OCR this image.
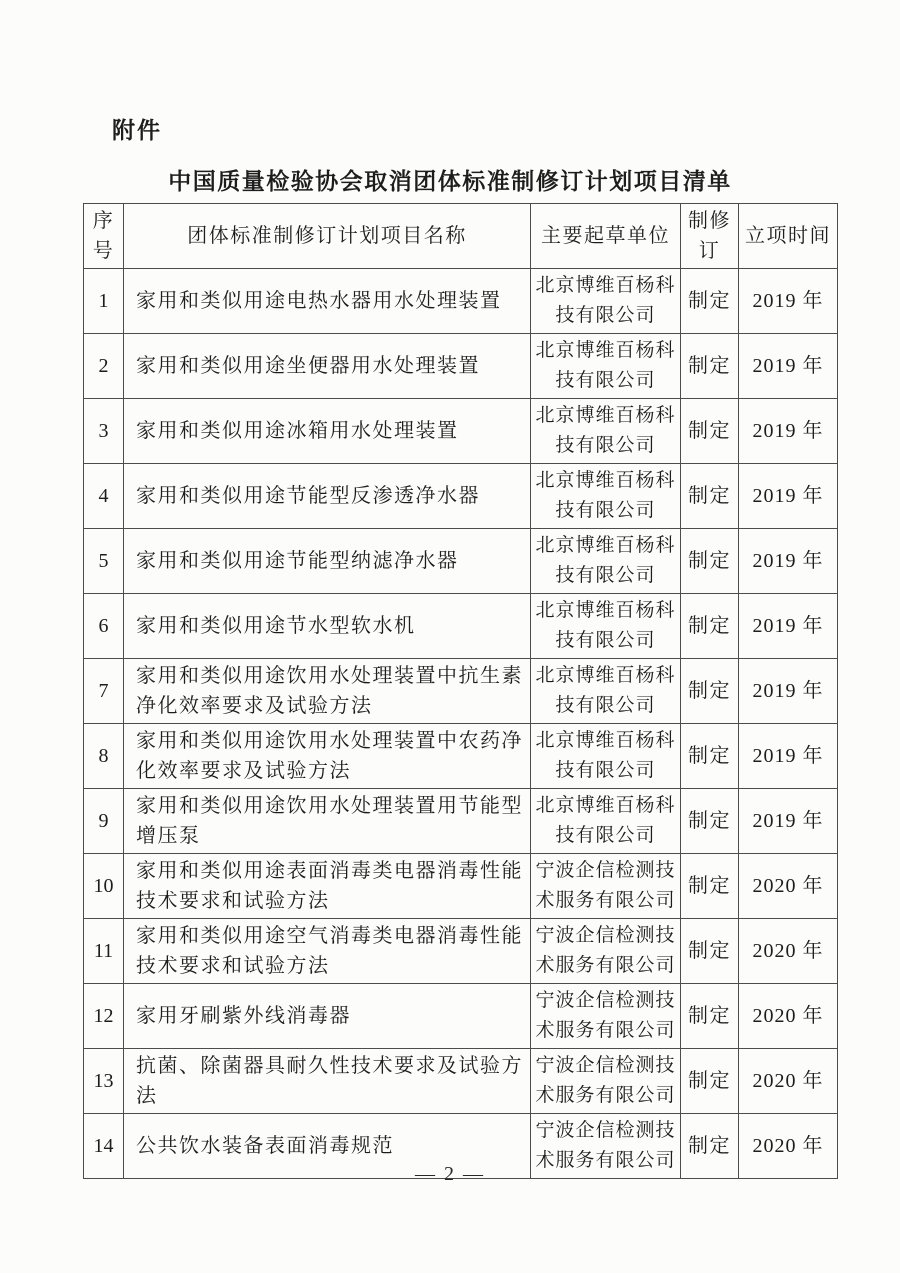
附件
中国质量检验协会取消团体标准制修订计划项目清单
序号	团体标准制修订计划项目名称	主要起草单位	制修订	立项时间
1	家用和类似用途电热水器用水处理装置	北京博维百杨科技有限公司	制定	2019 年
2	家用和类似用途坐便器用水处理装置	北京博维百杨科技有限公司	制定	2019 年
3	家用和类似用途冰箱用水处理装置	北京博维百杨科技有限公司	制定	2019 年
4	家用和类似用途节能型反渗透净水器	北京博维百杨科技有限公司	制定	2019 年
5	家用和类似用途节能型纳滤净水器	北京博维百杨科技有限公司	制定	2019 年
6	家用和类似用途节水型软水机	北京博维百杨科技有限公司	制定	2019 年
7	家用和类似用途饮用水处理装置中抗生素净化效率要求及试验方法	北京博维百杨科技有限公司	制定	2019 年
8	家用和类似用途饮用水处理装置中农药净化效率要求及试验方法	北京博维百杨科技有限公司	制定	2019 年
9	家用和类似用途饮用水处理装置用节能型增压泵	北京博维百杨科技有限公司	制定	2019 年
10	家用和类似用途表面消毒类电器消毒性能技术要求和试验方法	宁波企信检测技术服务有限公司	制定	2020 年
11	家用和类似用途空气消毒类电器消毒性能技术要求和试验方法	宁波企信检测技术服务有限公司	制定	2020 年
12	家用牙刷紫外线消毒器	宁波企信检测技术服务有限公司	制定	2020 年
13	抗菌、除菌器具耐久性技术要求及试验方法	宁波企信检测技术服务有限公司	制定	2020 年
14	公共饮水装备表面消毒规范	宁波企信检测技术服务有限公司	制定	2020 年
— 2 —
